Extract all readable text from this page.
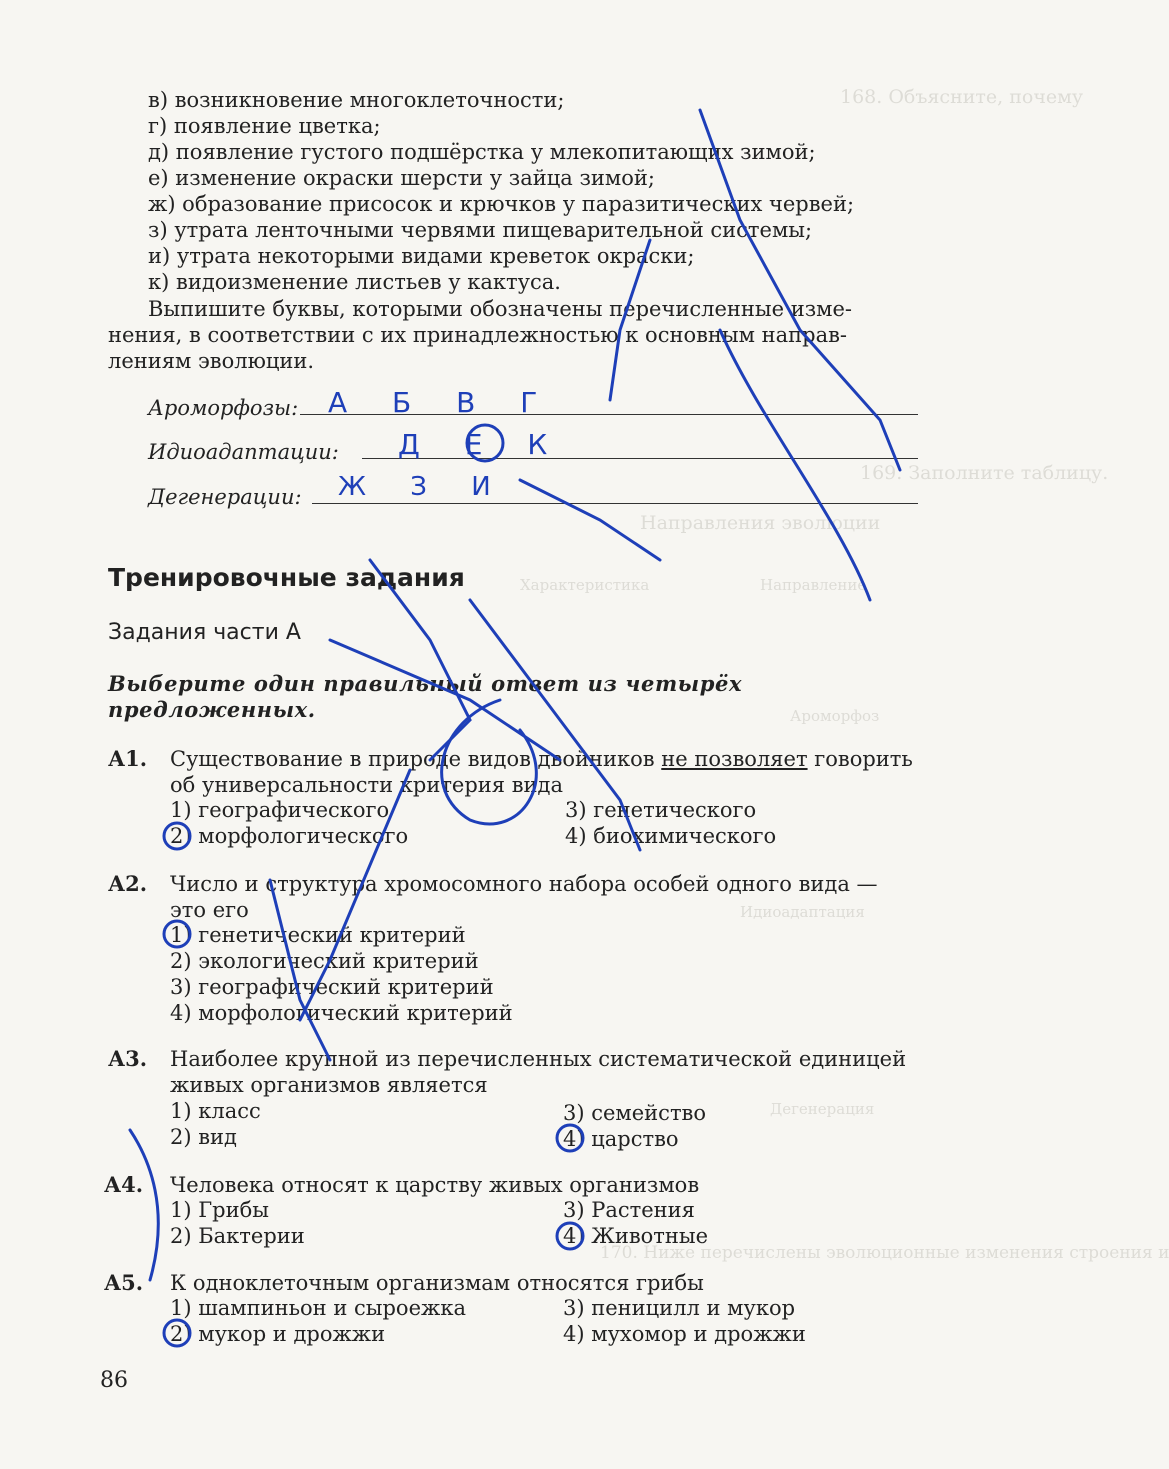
168. Объясните, почему
169. Заполните таблицу.
Направления эволюции
Направление
Характеристика
Ароморфоз
Идиоадаптация
Дегенерация
170. Ниже перечислены эволюционные изменения строения и
в) возникновение многоклеточности;
г) появление цветка;
д) появление густого подшёрстка у млекопитающих зимой;
е) изменение окраски шерсти у зайца зимой;
ж) образование присосок и крючков у паразитических червей;
з) утрата ленточными червями пищеварительной системы;
и) утрата некоторыми видами креветок окраски;
к) видоизменение листьев у кактуса.
Выпишите буквы, которыми обозначены перечисленные изме-
нения, в соответствии с их принадлежностью к основным направ-
лениям эволюции.
Ароморфозы: А Б В Г
Идиоадаптации: Д Е К
Дегенерации: Ж З И
Тренировочные задания
Задания части А
Выберите один правильный ответ из четырёх предложенных.
А1. Существование в природе видов двойников не позволяет говорить об универсальности критерия вида
1) географического	3) генетического
2) морфологического	4) биохимического
А2. Число и структура хромосомного набора особей одного вида — это его
1) генетический критерий
2) экологический критерий
3) географический критерий
4) морфологический критерий
А3. Наиболее крупной из перечисленных систематической единицей живых организмов является
1) класс	3) семейство
2) вид	4) царство
А4. Человека относят к царству живых организмов
1) Грибы	3) Растения
2) Бактерии	4) Животные
А5. К одноклеточным организмам относятся грибы
1) шампиньон и сыроежка	3) пеницилл и мукор
2) мукор и дрожжи	4) мухомор и дрожжи
86
